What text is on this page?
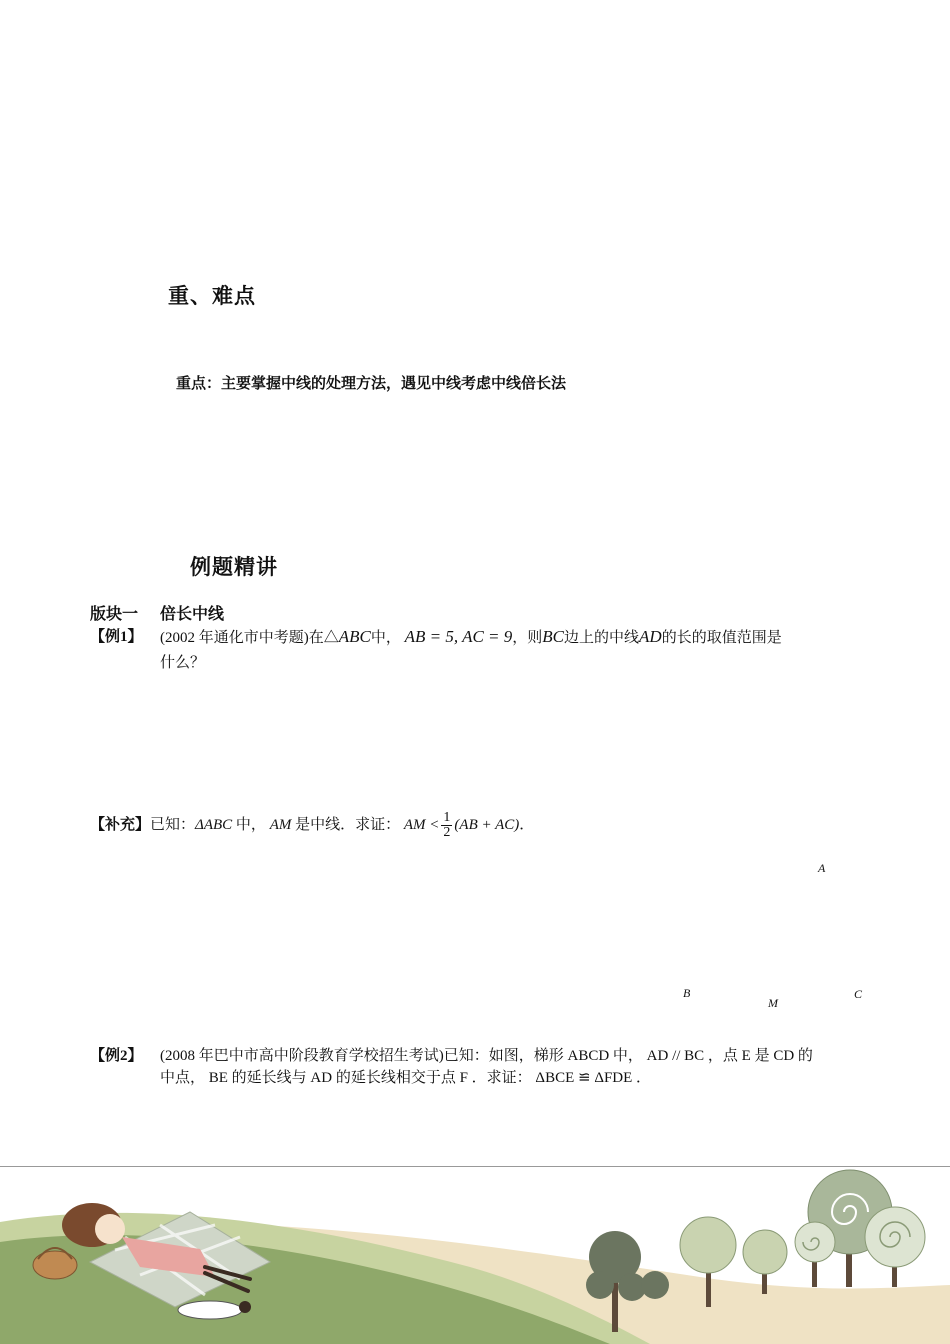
重、难点
重点：主要掌握中线的处理方法，遇见中线考虑中线倍长法
例题精讲
版块一 倍长中线
【例1】 (2002 年通化市中考题)在△ABC中， AB = 5, AC = 9，则BC边上的中线AD的长的取值范围是
什么？
【补充】已知：ΔABC 中， AM 是中线．求证： AM < $\frac{1}{2} (AB + AC)$．
A
B
M
C
【例2】 (2008 年巴中市高中阶段教育学校招生考试)已知：如图，梯形 ABCD 中， AD // BC ，点 E 是 CD 的
中点， BE 的延长线与 AD 的延长线相交于点 F ．求证： ΔBCE ≌ ΔFDE ．
